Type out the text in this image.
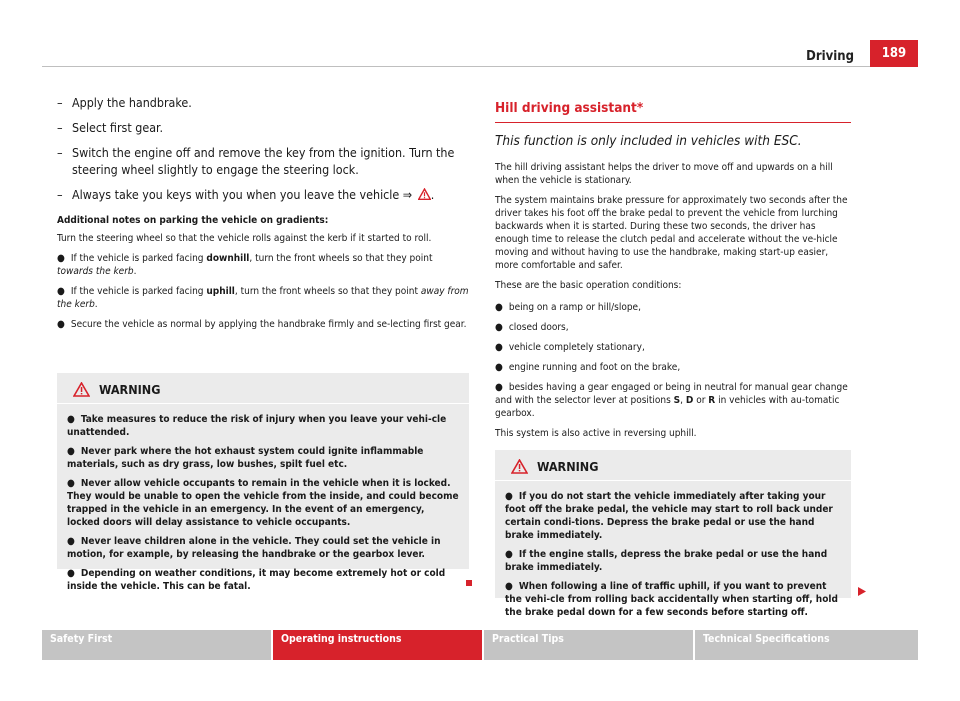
Driving	189
– Apply the handbrake.
– Select first gear.
– Switch the engine off and remove the key from the ignition. Turn the steering wheel slightly to engage the steering lock.
– Always take you keys with you when you leave the vehicle ⇒ .
Additional notes on parking the vehicle on gradients:
Turn the steering wheel so that the vehicle rolls against the kerb if it started to roll.
● If the vehicle is parked facing downhill, turn the front wheels so that they point towards the kerb.
● If the vehicle is parked facing uphill, turn the front wheels so that they point away from the kerb.
● Secure the vehicle as normal by applying the handbrake firmly and se-lecting first gear.
WARNING
● Take measures to reduce the risk of injury when you leave your vehi-cle unattended.
● Never park where the hot exhaust system could ignite inflammable materials, such as dry grass, low bushes, spilt fuel etc.
● Never allow vehicle occupants to remain in the vehicle when it is locked. They would be unable to open the vehicle from the inside, and could become trapped in the vehicle in an emergency. In the event of an emergency, locked doors will delay assistance to vehicle occupants.
● Never leave children alone in the vehicle. They could set the vehicle in motion, for example, by releasing the handbrake or the gearbox lever.
● Depending on weather conditions, it may become extremely hot or cold inside the vehicle. This can be fatal.
Hill driving assistant*
This function is only included in vehicles with ESC.
The hill driving assistant helps the driver to move off and upwards on a hill when the vehicle is stationary.
The system maintains brake pressure for approximately two seconds after the driver takes his foot off the brake pedal to prevent the vehicle from lurching backwards when it is started. During these two seconds, the driver has enough time to release the clutch pedal and accelerate without the ve-hicle moving and without having to use the handbrake, making start-up easier, more comfortable and safer.
These are the basic operation conditions:
● being on a ramp or hill/slope,
● closed doors,
● vehicle completely stationary,
● engine running and foot on the brake,
● besides having a gear engaged or being in neutral for manual gear change and with the selector lever at positions S, D or R in vehicles with au-tomatic gearbox.
This system is also active in reversing uphill.
WARNING
● If you do not start the vehicle immediately after taking your foot off the brake pedal, the vehicle may start to roll back under certain condi-tions. Depress the brake pedal or use the hand brake immediately.
● If the engine stalls, depress the brake pedal or use the hand brake immediately.
● When following a line of traffic uphill, if you want to prevent the vehi-cle from rolling back accidentally when starting off, hold the brake pedal down for a few seconds before starting off.
Safety First	Operating instructions	Practical Tips	Technical Specifications
